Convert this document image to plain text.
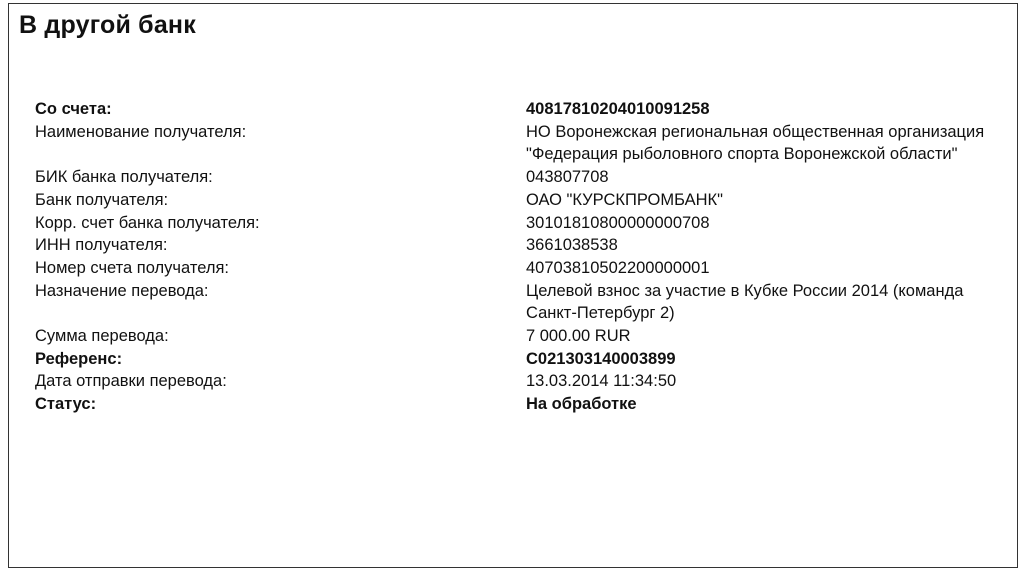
В другой банк
Со счета:	40817810204010091258
Наименование получателя:	НО Воронежская региональная общественная организация "Федерация рыболовного спорта Воронежской области"
БИК банка получателя:	043807708
Банк получателя:	ОАО "КУРСКПРОМБАНК"
Корр. счет банка получателя:	30101810800000000708
ИНН получателя:	3661038538
Номер счета получателя:	40703810502200000001
Назначение перевода:	Целевой взнос за участие в Кубке России 2014 (команда Санкт-Петербург 2)
Сумма перевода:	7 000.00 RUR
Референс:	C021303140003899
Дата отправки перевода:	13.03.2014 11:34:50
Статус:	На обработке
